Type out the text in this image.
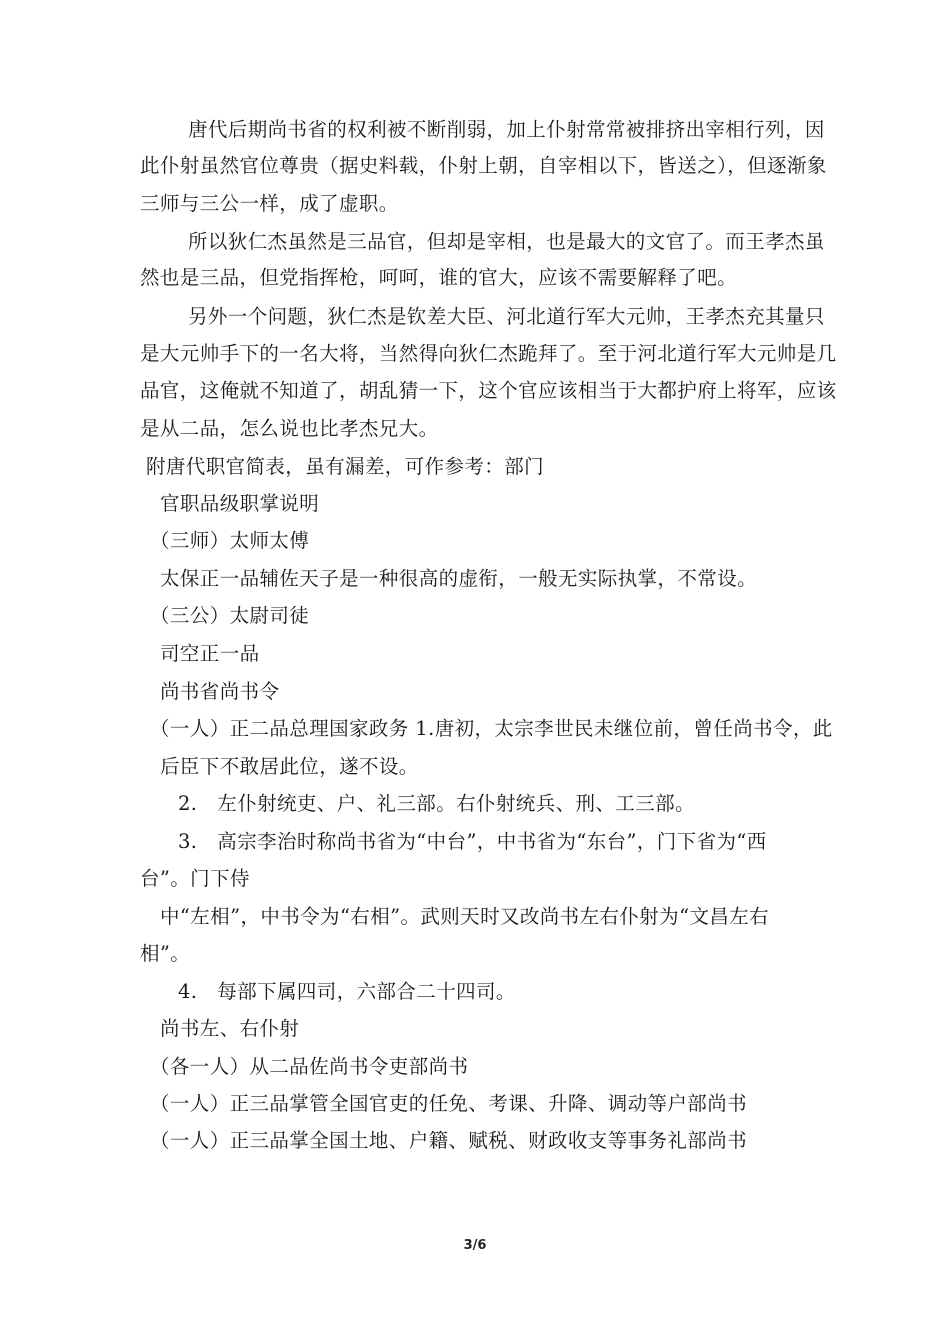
唐代后期尚书省的权利被不断削弱，加上仆射常常被排挤出宰相行列，因
此仆射虽然官位尊贵（据史料载，仆射上朝，自宰相以下，皆送之），但逐渐象
三师与三公一样，成了虚职。
所以狄仁杰虽然是三品官，但却是宰相，也是最大的文官了。而王孝杰虽
然也是三品，但党指挥枪，呵呵，谁的官大，应该不需要解释了吧。
另外一个问题，狄仁杰是钦差大臣、河北道行军大元帅，王孝杰充其量只
是大元帅手下的一名大将，当然得向狄仁杰跪拜了。至于河北道行军大元帅是几
品官，这俺就不知道了，胡乱猜一下，这个官应该相当于大都护府上将军，应该
是从二品，怎么说也比孝杰兄大。
附唐代职官简表，虽有漏差，可作参考：部门
官职品级职掌说明
（三师）太师太傅
太保正一品辅佐天子是一种很高的虚衔，一般无实际执掌，不常设。
（三公）太尉司徒
司空正一品
尚书省尚书令
（一人）正二品总理国家政务 1.唐初，太宗李世民未继位前，曾任尚书令，此
后臣下不敢居此位，遂不设。
2.　左仆射统吏、户、礼三部。右仆射统兵、刑、工三部。
3.　高宗李治时称尚书省为“中台”，中书省为“东台”，门下省为“西
台”。门下侍
中“左相”，中书令为“右相”。武则天时又改尚书左右仆射为“文昌左右
相”。
4.　每部下属四司，六部合二十四司。
尚书左、右仆射
（各一人）从二品佐尚书令吏部尚书
（一人）正三品掌管全国官吏的任免、考课、升降、调动等户部尚书
（一人）正三品掌全国土地、户籍、赋税、财政收支等事务礼部尚书
3/6
